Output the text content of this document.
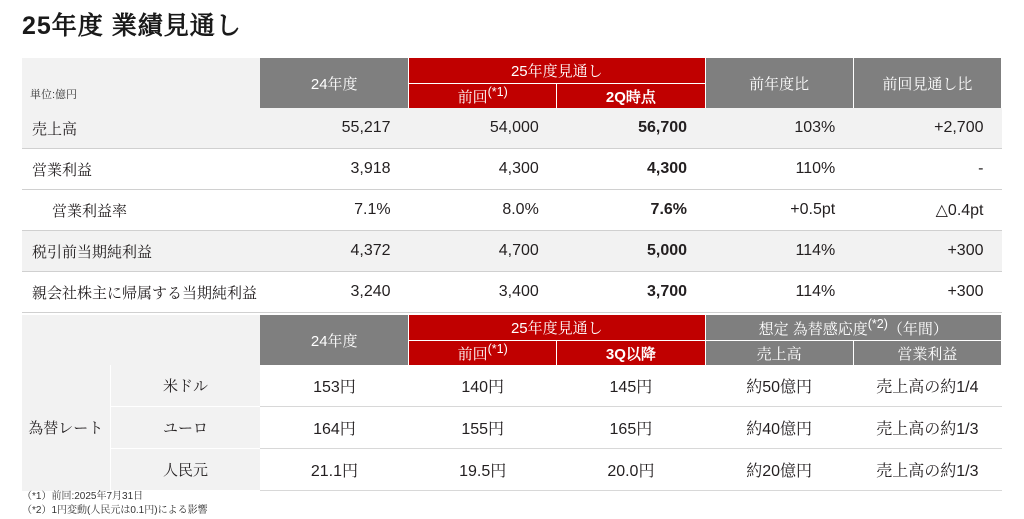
25年度 業績見通し
単位:億円	24年度	25年度見通し		前年度比	前回見通し比
		前回$^{(*1)}$	2Q時点		
売上高	55,217	54,000	56,700	103%	+2,700
営業利益	3,918	4,300	4,300	110%	-
営業利益率	7.1%	8.0%	7.6%	+0.5pt	△0.4pt
税引前当期純利益	4,372	4,700	5,000	114%	+300
親会社株主に帰属する当期純利益	3,240	3,400	3,700	114%	+300
		24年度	25年度見通し		想定 為替感応度$^{(*2)}$（年間）	
			前回$^{(*1)}$	3Q以降	売上高	営業利益
為替レート	米ドル	153円	140円	145円	約50億円	売上高の約1/4
	ユーロ	164円	155円	165円	約40億円	売上高の約1/3
	人民元	21.1円	19.5円	20.0円	約20億円	売上高の約1/3
（*1）前回:2025年7月31日
（*2）1円変動(人民元は0.1円)による影響
